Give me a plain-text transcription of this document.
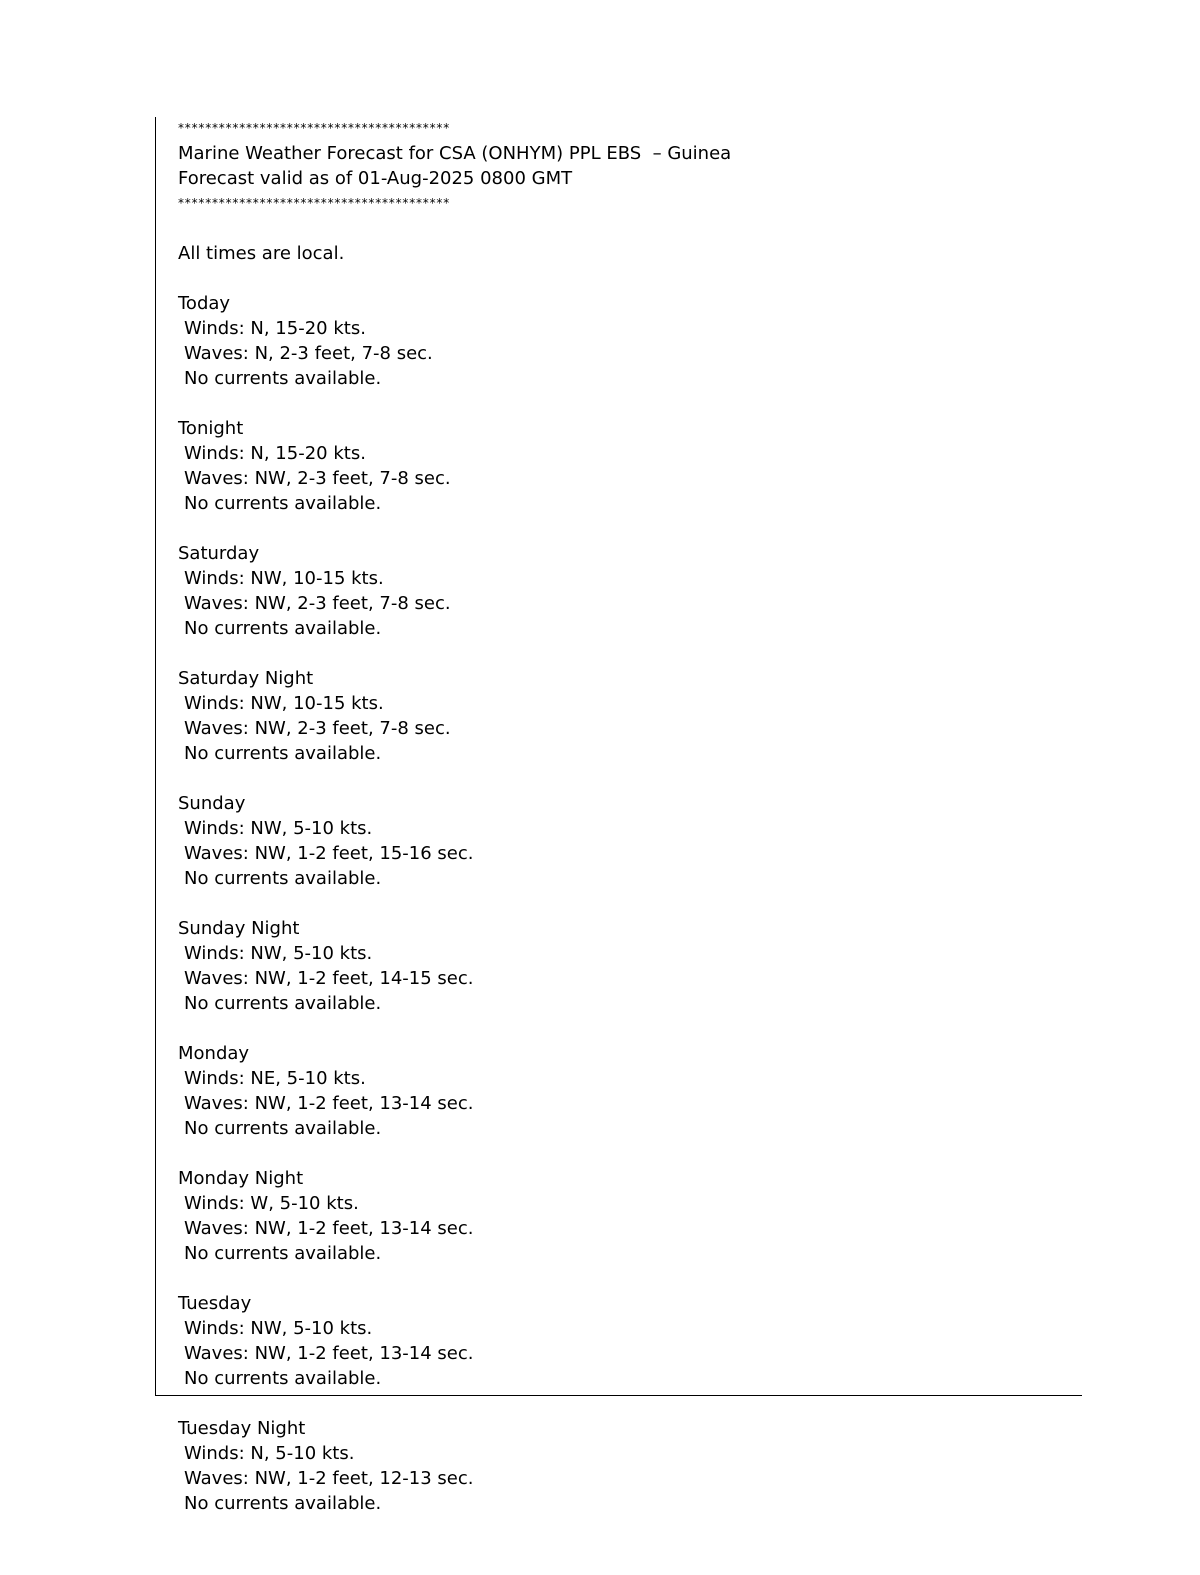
****************************************
Marine Weather Forecast for CSA (ONHYM) PPL EBS  – Guinea
Forecast valid as of 01-Aug-2025 0800 GMT
****************************************
All times are local.
Today
Winds: N, 15-20 kts.
Waves: N, 2-3 feet, 7-8 sec.
No currents available.
Tonight
Winds: N, 15-20 kts.
Waves: NW, 2-3 feet, 7-8 sec.
No currents available.
Saturday
Winds: NW, 10-15 kts.
Waves: NW, 2-3 feet, 7-8 sec.
No currents available.
Saturday Night
Winds: NW, 10-15 kts.
Waves: NW, 2-3 feet, 7-8 sec.
No currents available.
Sunday
Winds: NW, 5-10 kts.
Waves: NW, 1-2 feet, 15-16 sec.
No currents available.
Sunday Night
Winds: NW, 5-10 kts.
Waves: NW, 1-2 feet, 14-15 sec.
No currents available.
Monday
Winds: NE, 5-10 kts.
Waves: NW, 1-2 feet, 13-14 sec.
No currents available.
Monday Night
Winds: W, 5-10 kts.
Waves: NW, 1-2 feet, 13-14 sec.
No currents available.
Tuesday
Winds: NW, 5-10 kts.
Waves: NW, 1-2 feet, 13-14 sec.
No currents available.
Tuesday Night
Winds: N, 5-10 kts.
Waves: NW, 1-2 feet, 12-13 sec.
No currents available.
